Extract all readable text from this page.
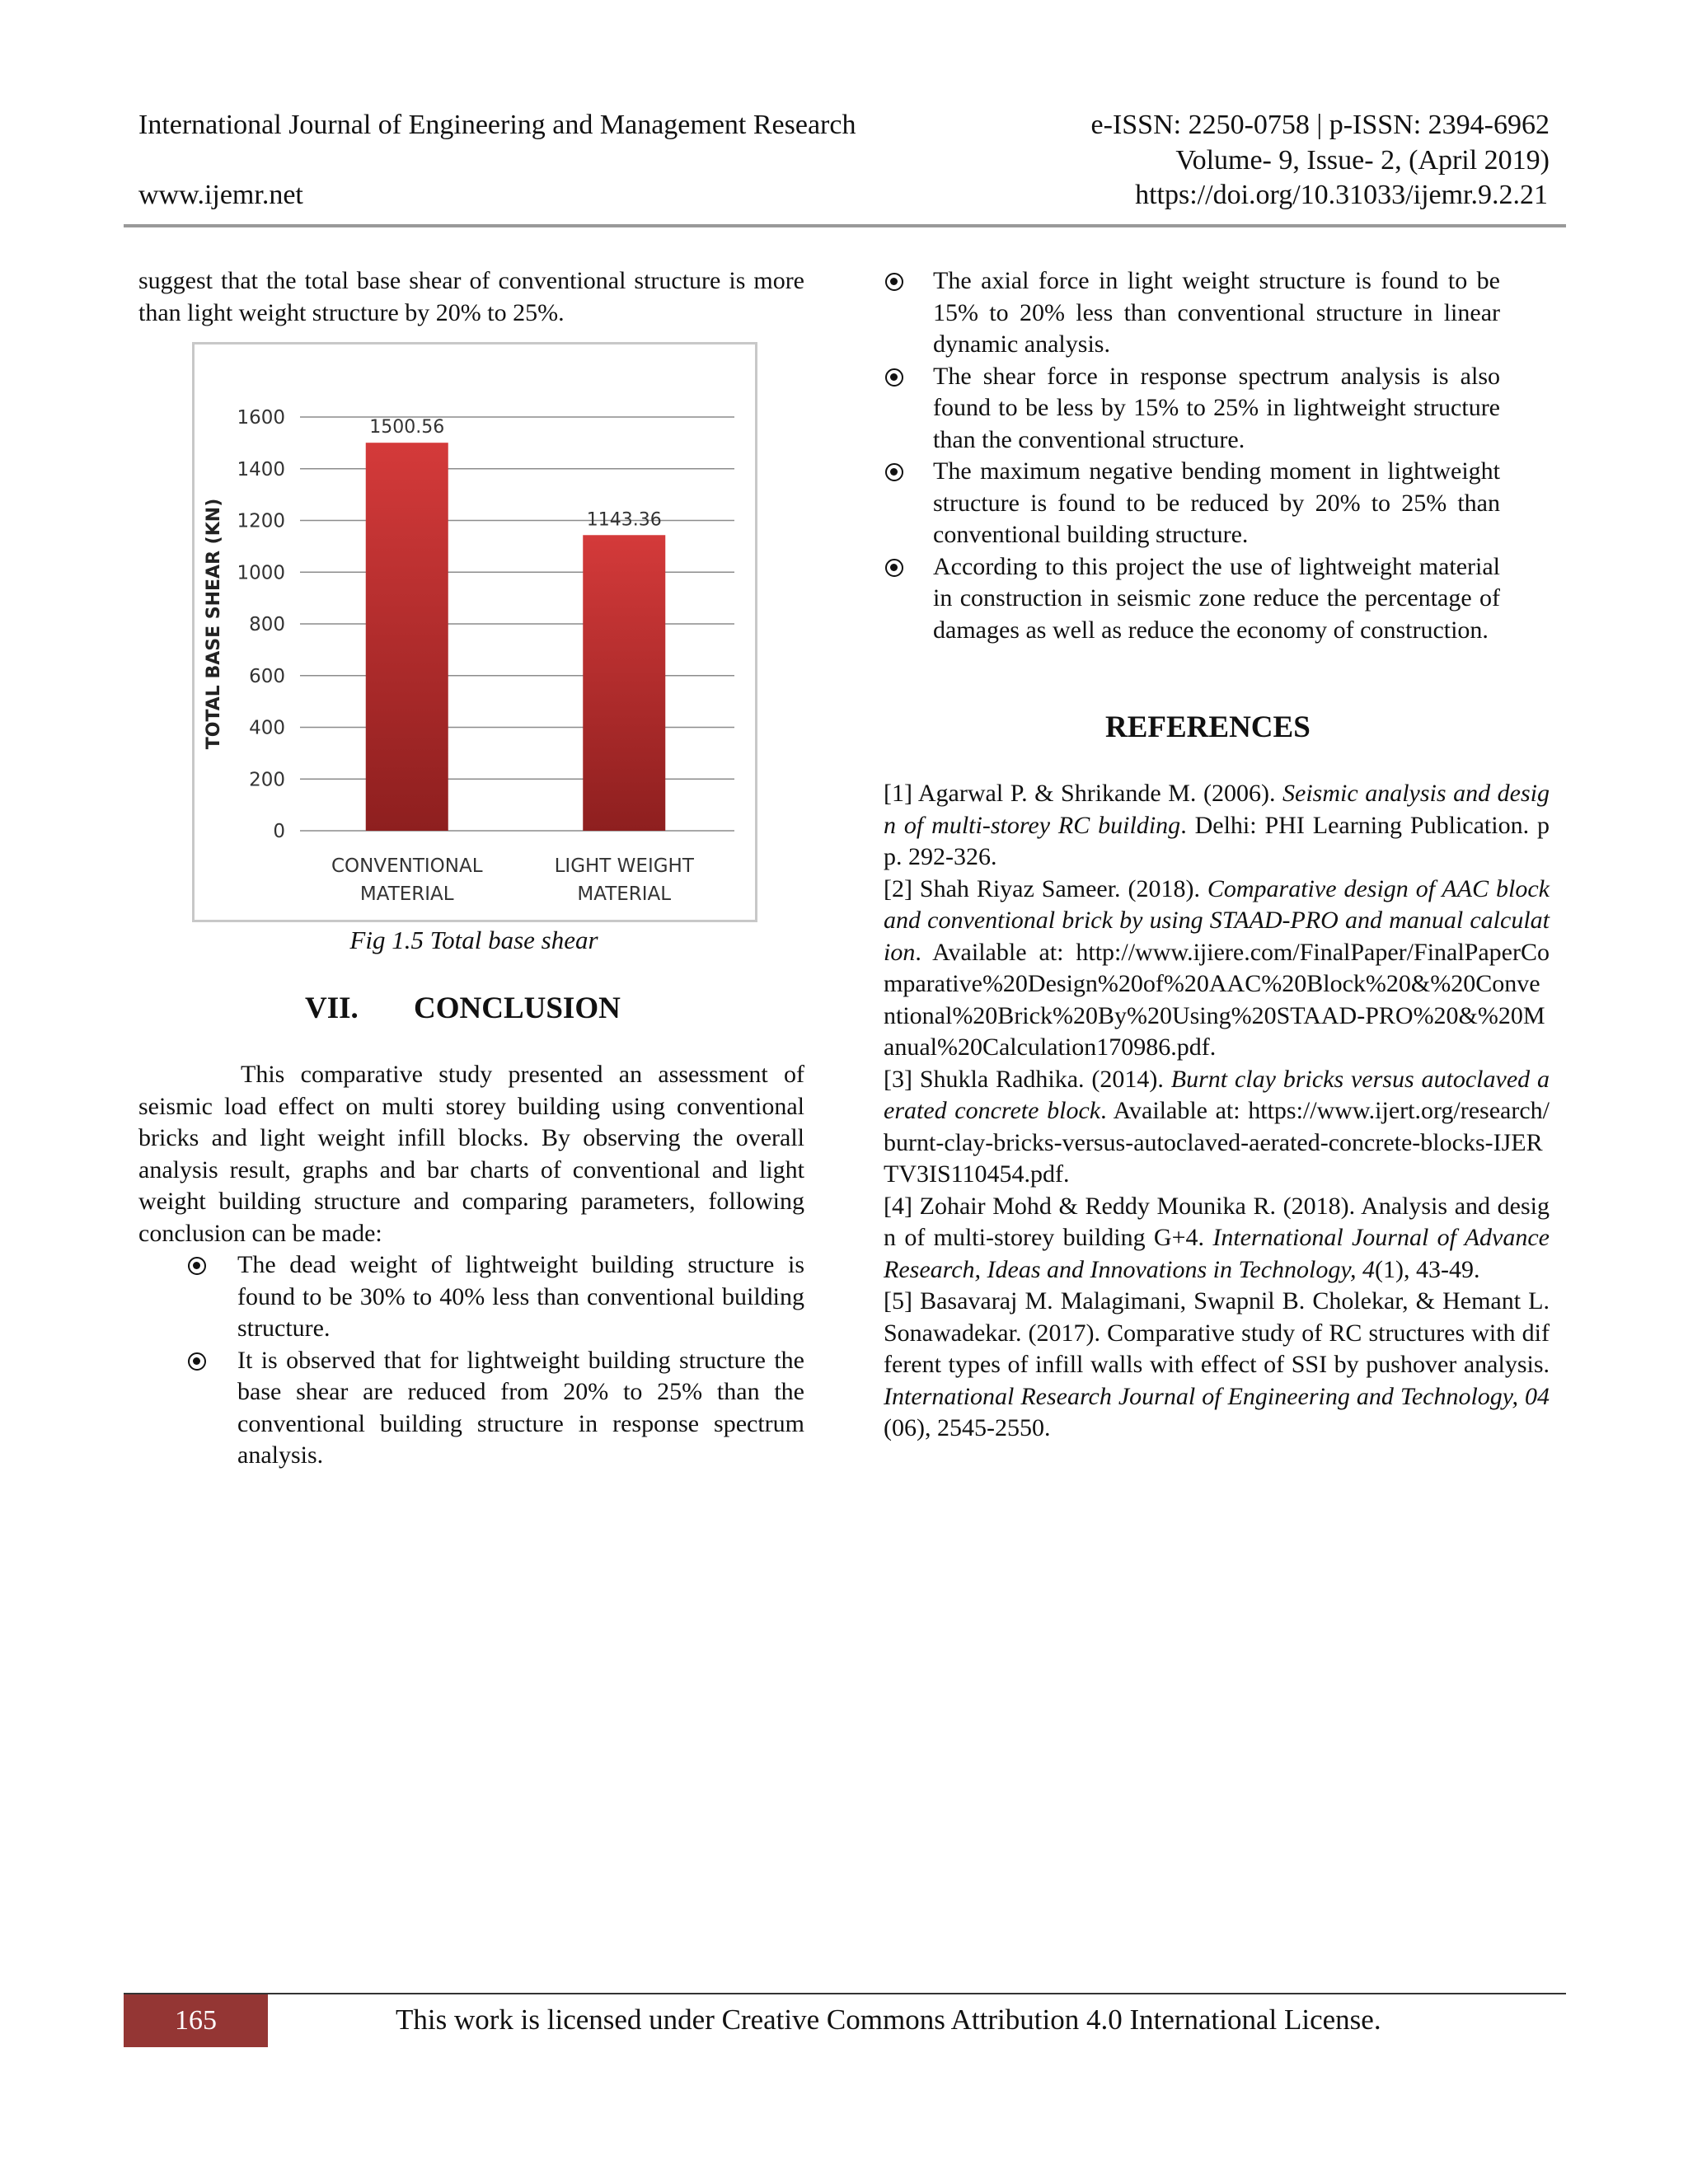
International Journal of Engineering and Management Research	e-ISSN: 2250-0758 | p-ISSN: 2394-6962
Volume- 9, Issue- 2, (April 2019)
www.ijemr.net	https://doi.org/10.31033/ijemr.9.2.21

suggest that the total base shear of conventional structure is more than light weight structure by 20% to 25%.

0
200
400
600
800
1000
1200
1400
1600
TOTAL BASE SHEAR (KN)
1500.56
CONVENTIONAL
MATERIAL
1143.36
LIGHT WEIGHT
MATERIAL
Fig 1.5 Total base shear
VII. CONCLUSION

This comparative study presented an assessment of seismic load effect on multi storey building using conventional bricks and light weight infill blocks. By observing the overall analysis result, graphs and bar charts of conventional and light weight building structure and comparing parameters, following conclusion can be made:

The dead weight of lightweight building structure is found to be 30% to 40% less than conventional building structure.
It is observed that for lightweight building structure the base shear are reduced from 20% to 25% than the conventional building structure in response spectrum analysis.
The axial force in light weight structure is found to be 15% to 20% less than conventional structure in linear dynamic analysis.
The shear force in response spectrum analysis is also found to be less by 15% to 25% in lightweight structure than the conventional structure.
The maximum negative bending moment in lightweight structure is found to be reduced by 20% to 25% than conventional building structure.
According to this project the use of lightweight material in construction in seismic zone reduce the percentage of damages as well as reduce the economy of construction.
REFERENCES

[1] Agarwal P. & Shrikande M. (2006). Seismic analysis and design of multi-storey RC building. Delhi: PHI Learning Publication. pp. 292-326.

[2] Shah Riyaz Sameer. (2018). Comparative design of AAC block and conventional brick by using STAAD-PRO and manual calculation. Available at: http://www.ijiere.com/FinalPaper/FinalPaperComparative%20Design%20of%20AAC%20Block%20&%20Conventional%20Brick%20By%20Using%20STAAD-PRO%20&%20Manual%20Calculation170986.pdf.

[3] Shukla Radhika. (2014). Burnt clay bricks versus autoclaved aerated concrete block. Available at: https://www.ijert.org/research/burnt-clay-bricks-versus-autoclaved-aerated-concrete-blocks-IJERTV3IS110454.pdf.

[4] Zohair Mohd & Reddy Mounika R. (2018). Analysis and design of multi-storey building G+4. International Journal of Advance Research, Ideas and Innovations in Technology, 4(1), 43-49.

[5] Basavaraj M. Malagimani, Swapnil B. Cholekar, & Hemant L. Sonawadekar. (2017). Comparative study of RC structures with different types of infill walls with effect of SSI by pushover analysis. International Research Journal of Engineering and Technology, 04(06), 2545-2550.

165	This work is licensed under Creative Commons Attribution 4.0 International License.
